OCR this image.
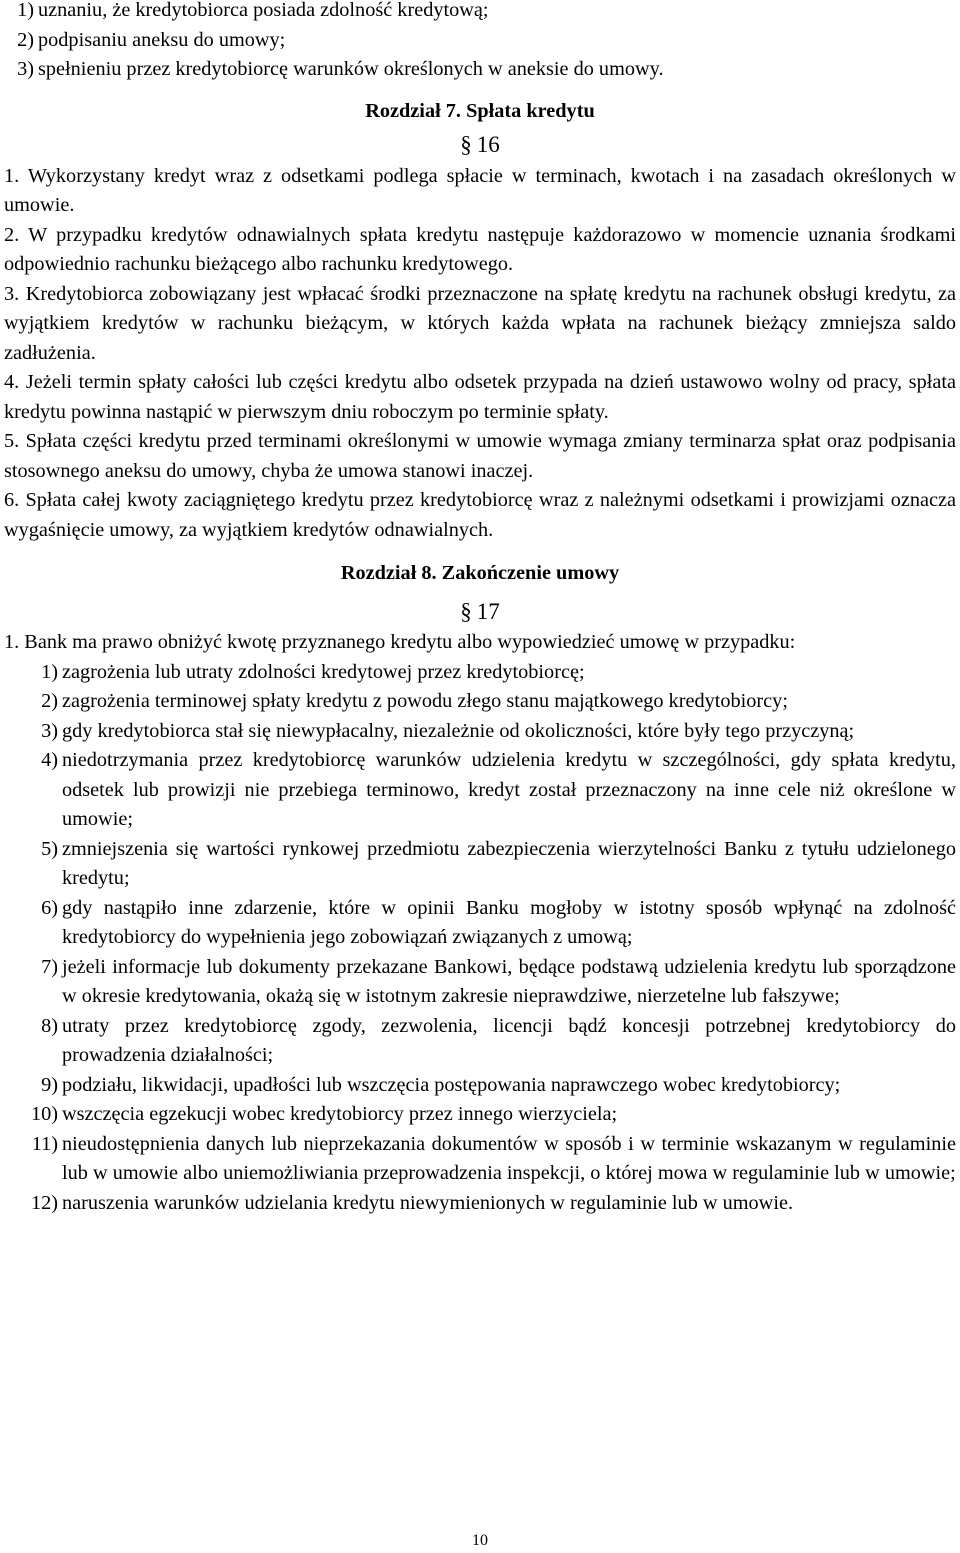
1) uznaniu, że kredytobiorca posiada zdolność kredytową;
2) podpisaniu aneksu do umowy;
3) spełnieniu przez kredytobiorcę warunków określonych w aneksie do umowy.
Rozdział 7. Spłata kredytu
§ 16

1. Wykorzystany kredyt wraz z odsetkami podlega spłacie w terminach, kwotach i na zasadach określonych w umowie.

2. W przypadku kredytów odnawialnych spłata kredytu następuje każdorazowo w momencie uznania środkami odpowiednio rachunku bieżącego albo rachunku kredytowego.

3. Kredytobiorca zobowiązany jest wpłacać środki przeznaczone na spłatę kredytu na rachunek obsługi kredytu, za wyjątkiem kredytów w rachunku bieżącym, w których każda wpłata na rachunek bieżący zmniejsza saldo zadłużenia.

4. Jeżeli termin spłaty całości lub części kredytu albo odsetek przypada na dzień ustawowo wolny od pracy, spłata kredytu powinna nastąpić w pierwszym dniu roboczym po terminie spłaty.

5. Spłata części kredytu przed terminami określonymi w umowie wymaga zmiany terminarza spłat oraz podpisania stosownego aneksu do umowy, chyba że umowa stanowi inaczej.

6. Spłata całej kwoty zaciągniętego kredytu przez kredytobiorcę wraz z należnymi odsetkami i prowizjami oznacza wygaśnięcie umowy, za wyjątkiem kredytów odnawialnych.

Rozdział 8. Zakończenie umowy
§ 17

1. Bank ma prawo obniżyć kwotę przyznanego kredytu albo wypowiedzieć umowę w przypadku:

1) zagrożenia lub utraty zdolności kredytowej przez kredytobiorcę;
2) zagrożenia terminowej spłaty kredytu z powodu złego stanu majątkowego kredytobiorcy;
3) gdy kredytobiorca stał się niewypłacalny, niezależnie od okoliczności, które były tego przyczyną;
4) niedotrzymania przez kredytobiorcę warunków udzielenia kredytu w szczególności, gdy spłata kredytu, odsetek lub prowizji nie przebiega terminowo, kredyt został przeznaczony na inne cele niż określone w umowie;
5) zmniejszenia się wartości rynkowej przedmiotu zabezpieczenia wierzytelności Banku z tytułu udzielonego kredytu;
6) gdy nastąpiło inne zdarzenie, które w opinii Banku mogłoby w istotny sposób wpłynąć na zdolność kredytobiorcy do wypełnienia jego zobowiązań związanych z umową;
7) jeżeli informacje lub dokumenty przekazane Bankowi, będące podstawą udzielenia kredytu lub sporządzone w okresie kredytowania, okażą się w istotnym zakresie nieprawdziwe, nierzetelne lub fałszywe;
8) utraty przez kredytobiorcę zgody, zezwolenia, licencji bądź koncesji potrzebnej kredytobiorcy do prowadzenia działalności;
9) podziału, likwidacji, upadłości lub wszczęcia postępowania naprawczego wobec kredytobiorcy;
10) wszczęcia egzekucji wobec kredytobiorcy przez innego wierzyciela;
11) nieudostępnienia danych lub nieprzekazania dokumentów w sposób i w terminie wskazanym w regulaminie lub w umowie albo uniemożliwiania przeprowadzenia inspekcji, o której mowa w regulaminie lub w umowie;
12) naruszenia warunków udzielania kredytu niewymienionych w regulaminie lub w umowie.
10
